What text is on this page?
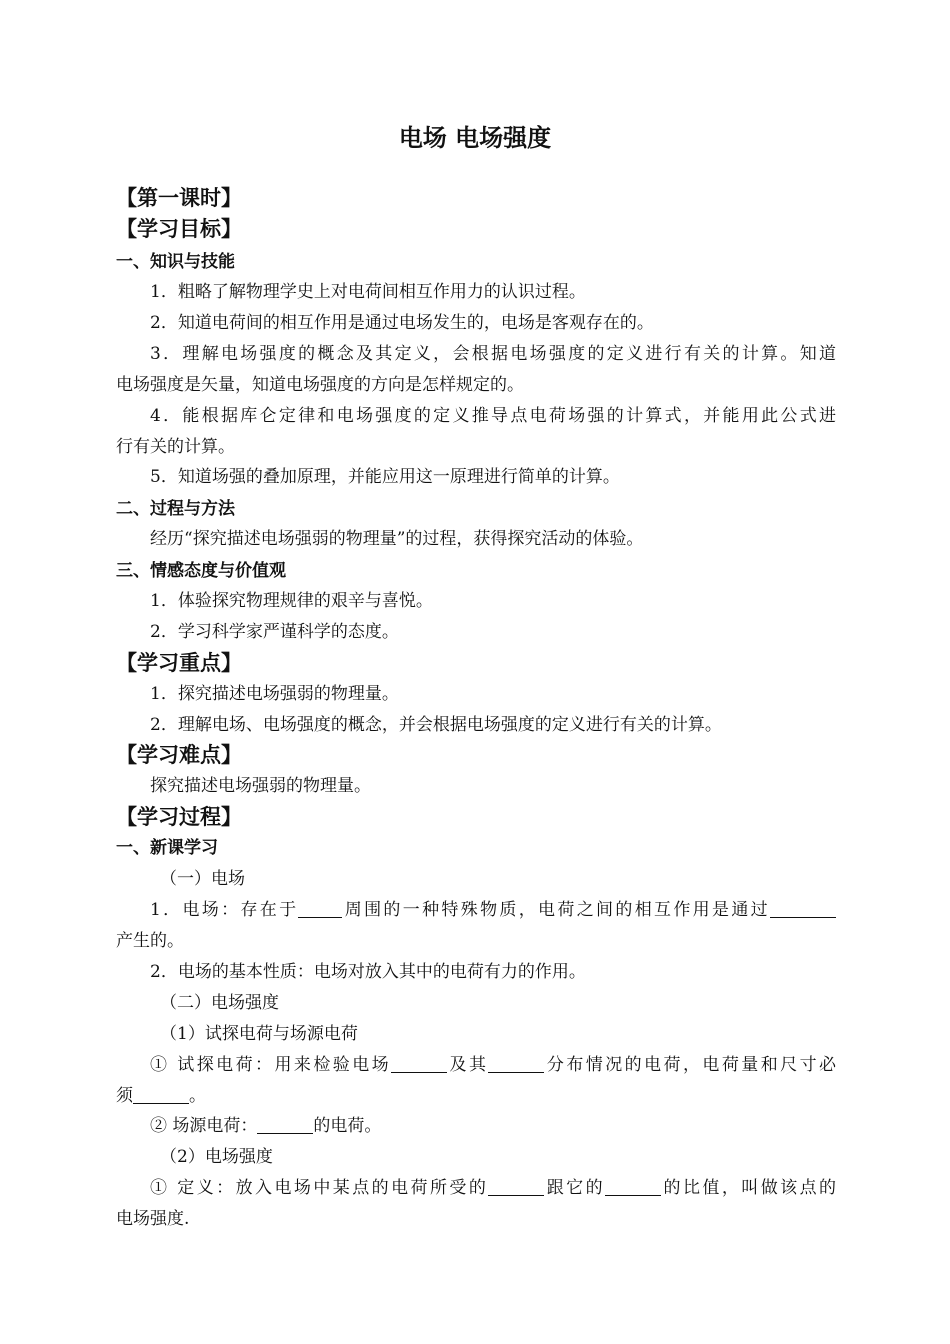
电场 电场强度
【第一课时】
【学习目标】
一、知识与技能
1．粗略了解物理学史上对电荷间相互作用力的认识过程。
2．知道电荷间的相互作用是通过电场发生的，电场是客观存在的。
3．理解电场强度的概念及其定义，会根据电场强度的定义进行有关的计算。知道
电场强度是矢量，知道电场强度的方向是怎样规定的。
4．能根据库仑定律和电场强度的定义推导点电荷场强的计算式，并能用此公式进
行有关的计算。
5．知道场强的叠加原理，并能应用这一原理进行简单的计算。
二、过程与方法
经历“探究描述电场强弱的物理量”的过程，获得探究活动的体验。
三、情感态度与价值观
1．体验探究物理规律的艰辛与喜悦。
2．学习科学家严谨科学的态度。
【学习重点】
1．探究描述电场强弱的物理量。
2．理解电场、电场强度的概念，并会根据电场强度的定义进行有关的计算。
【学习难点】
探究描述电场强弱的物理量。
【学习过程】
一、新课学习
（一）电场
1．电场：存在于	周围的一种特殊物质，电荷之间的相互作用是通过
产生的。
2．电场的基本性质：电场对放入其中的电荷有力的作用。
（二）电场强度
（1）试探电荷与场源电荷
① 试探电荷：用来检验电场	及其	分布情况的电荷，电荷量和尺寸必
须	。
② 场源电荷：	的电荷。
（2）电场强度
① 定义：放入电场中某点的电荷所受的	跟它的	的比值，叫做该点的
电场强度.
